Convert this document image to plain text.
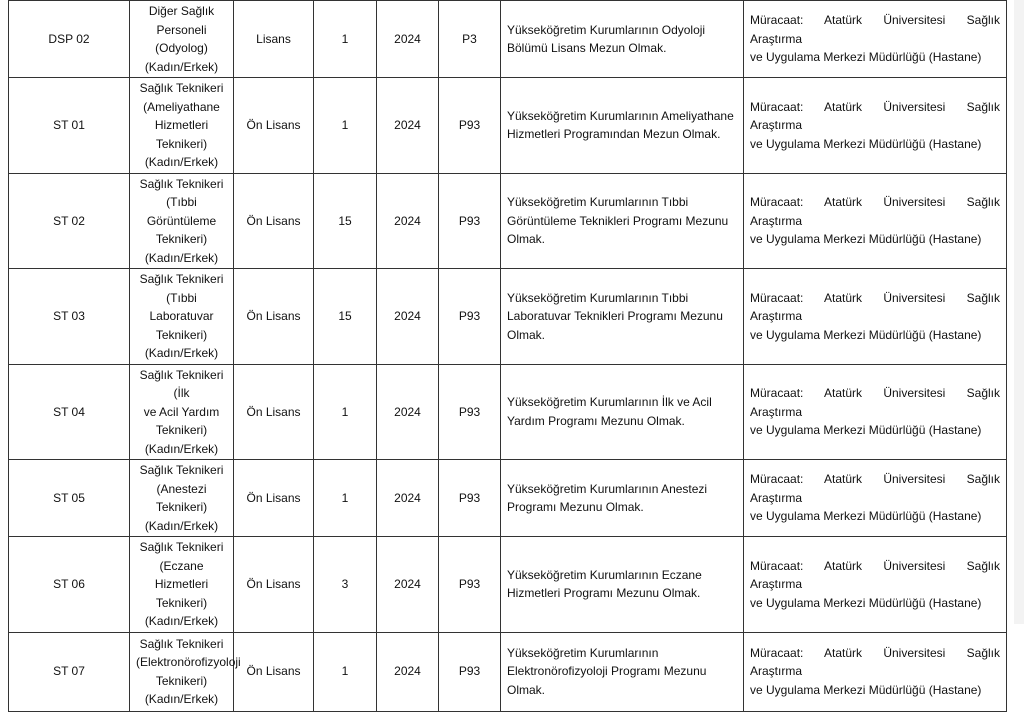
DSP 02	Diğer Sağlık
Personeli (Odyolog)
(Kadın/Erkek)	Lisans	1	2024	P3	Yükseköğretim Kurumlarının Odyoloji
Bölümü Lisans Mezun Olmak.	Müracaat: Atatürk Üniversitesi Sağlık Araştırma
ve Uygulama Merkezi Müdürlüğü (Hastane)
ST 01	Sağlık Teknikeri
(Ameliyathane
Hizmetleri
Teknikeri)
(Kadın/Erkek)	Ön Lisans	1	2024	P93	Yükseköğretim Kurumlarının Ameliyathane
Hizmetleri Programından Mezun Olmak.	Müracaat: Atatürk Üniversitesi Sağlık Araştırma
ve Uygulama Merkezi Müdürlüğü (Hastane)
ST 02	Sağlık Teknikeri
(Tıbbi Görüntüleme
Teknikeri)
(Kadın/Erkek)	Ön Lisans	15	2024	P93	Yükseköğretim Kurumlarının Tıbbi
Görüntüleme Teknikleri Programı Mezunu
Olmak.	Müracaat: Atatürk Üniversitesi Sağlık Araştırma
ve Uygulama Merkezi Müdürlüğü (Hastane)
ST 03	Sağlık Teknikeri
(Tıbbi Laboratuvar
Teknikeri)
(Kadın/Erkek)	Ön Lisans	15	2024	P93	Yükseköğretim Kurumlarının Tıbbi
Laboratuvar Teknikleri Programı Mezunu
Olmak.	Müracaat: Atatürk Üniversitesi Sağlık Araştırma
ve Uygulama Merkezi Müdürlüğü (Hastane)
ST 04	Sağlık Teknikeri (İlk
ve Acil Yardım
Teknikeri)
(Kadın/Erkek)	Ön Lisans	1	2024	P93	Yükseköğretim Kurumlarının İlk ve Acil
Yardım Programı Mezunu Olmak.	Müracaat: Atatürk Üniversitesi Sağlık Araştırma
ve Uygulama Merkezi Müdürlüğü (Hastane)
ST 05	Sağlık Teknikeri
(Anestezi Teknikeri)
(Kadın/Erkek)	Ön Lisans	1	2024	P93	Yükseköğretim Kurumlarının Anestezi
Programı Mezunu Olmak.	Müracaat: Atatürk Üniversitesi Sağlık Araştırma
ve Uygulama Merkezi Müdürlüğü (Hastane)
ST 06	Sağlık Teknikeri
(Eczane Hizmetleri
Teknikeri)
(Kadın/Erkek)	Ön Lisans	3	2024	P93	Yükseköğretim Kurumlarının Eczane
Hizmetleri Programı Mezunu Olmak.	Müracaat: Atatürk Üniversitesi Sağlık Araştırma
ve Uygulama Merkezi Müdürlüğü (Hastane)
ST 07	Sağlık Teknikeri
(Elektronörofizyoloji
Teknikeri)
(Kadın/Erkek)	Ön Lisans	1	2024	P93	Yükseköğretim Kurumlarının
Elektronörofizyoloji Programı Mezunu
Olmak.	Müracaat: Atatürk Üniversitesi Sağlık Araştırma
ve Uygulama Merkezi Müdürlüğü (Hastane)
